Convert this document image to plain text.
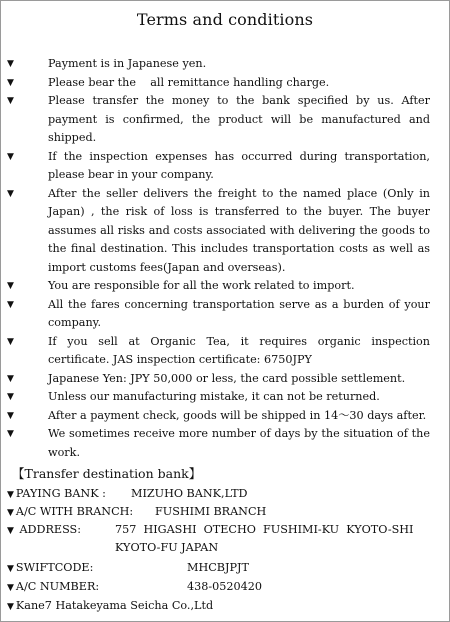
Terms and conditions
▼	Payment is in Japanese yen.
▼	Please bear the    all remittance handling charge.
▼	Please transfer the money to the bank specified by us. After payment is confirmed, the product will be manufactured and shipped.
▼	If the inspection expenses has occurred during transportation, please bear in your company.
▼	After the seller delivers the freight to the named place (Only in Japan) , the risk of loss is transferred to the buyer. The buyer assumes all risks and costs associated with delivering the goods to the final destination. This includes transportation costs as well as import customs fees(Japan and overseas).
▼	You are responsible for all the work related to import.
▼	All the fares concerning transportation serve as a burden of your company.
▼	If you sell at Organic Tea, it requires organic inspection certificate. JAS inspection certificate: 6750JPY
▼	Japanese Yen: JPY 50,000 or less, the card possible settlement.
▼	Unless our manufacturing mistake, it can not be returned.
▼	After a payment check, goods will be shipped in 14〜30 days after.
▼	We sometimes receive more number of days by the situation of the work.
【Transfer destination bank】
▼ PAYING BANK : MIZUHO BANK,LTD
▼ A/C WITH BRANCH: FUSHIMI BRANCH
▼ ADDRESS:	757  HIGASHI  OTECHO  FUSHIMI-KU  KYOTO-SHI
KYOTO-FU JAPAN
▼ SWIFTCODE:	MHCBJPJT
▼ A/C NUMBER:	438-0520420
▼ Kane7 Hatakeyama Seicha Co.,Ltd
